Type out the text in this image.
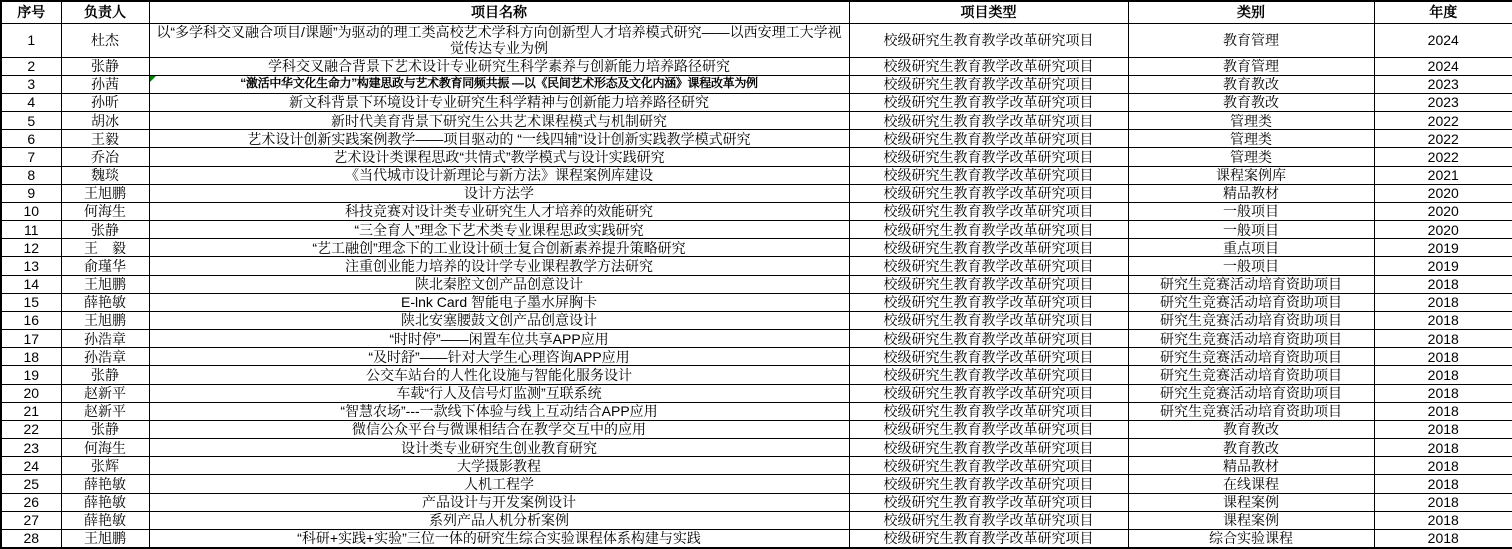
序号	负责人	项目名称	项目类型	类别	年度
1	杜杰	以“多学科交叉融合项目/课题”为驱动的理工类高校艺术学科方向创新型人才培养模式研究——以西安理工大学视觉传达专业为例	校级研究生教育教学改革研究项目	教育管理	2024
2	张静	学科交叉融合背景下艺术设计专业研究生科学素养与创新能力培养路径研究	校级研究生教育教学改革研究项目	教育管理	2024
3	孙茜	“激活中华文化生命力”构建思政与艺术教育同频共振 —以《民间艺术形态及文化内涵》课程改革为例	校级研究生教育教学改革研究项目	教育教改	2023
4	孙昕	新文科背景下环境设计专业研究生科学精神与创新能力培养路径研究	校级研究生教育教学改革研究项目	教育教改	2023
5	胡冰	新时代美育背景下研究生公共艺术课程模式与机制研究	校级研究生教育教学改革研究项目	管理类	2022
6	王毅	艺术设计创新实践案例教学——项目驱动的 “一线四辅”设计创新实践教学模式研究	校级研究生教育教学改革研究项目	管理类	2022
7	乔冶	艺术设计类课程思政“共情式”教学模式与设计实践研究	校级研究生教育教学改革研究项目	管理类	2022
8	魏琰	《当代城市设计新理论与新方法》课程案例库建设	校级研究生教育教学改革研究项目	课程案例库	2021
9	王旭鹏	设计方法学	校级研究生教育教学改革研究项目	精品教材	2020
10	何海生	科技竞赛对设计类专业研究生人才培养的效能研究	校级研究生教育教学改革研究项目	一般项目	2020
11	张静	“三全育人”理念下艺术类专业课程思政实践研究	校级研究生教育教学改革研究项目	一般项目	2020
12	王　毅	“艺工融创”理念下的工业设计硕士复合创新素养提升策略研究	校级研究生教育教学改革研究项目	重点项目	2019
13	俞瑾华	注重创业能力培养的设计学专业课程教学方法研究	校级研究生教育教学改革研究项目	一般项目	2019
14	王旭鹏	陕北秦腔文创产品创意设计	校级研究生教育教学改革研究项目	研究生竞赛活动培育资助项目	2018
15	薛艳敏	E-lnk Card 智能电子墨水屏胸卡	校级研究生教育教学改革研究项目	研究生竞赛活动培育资助项目	2018
16	王旭鹏	陕北安塞腰鼓文创产品创意设计	校级研究生教育教学改革研究项目	研究生竞赛活动培育资助项目	2018
17	孙浩章	“时时停”——闲置车位共享APP应用	校级研究生教育教学改革研究项目	研究生竞赛活动培育资助项目	2018
18	孙浩章	“及时舒”——针对大学生心理咨询APP应用	校级研究生教育教学改革研究项目	研究生竞赛活动培育资助项目	2018
19	张静	公交车站台的人性化设施与智能化服务设计	校级研究生教育教学改革研究项目	研究生竞赛活动培育资助项目	2018
20	赵新平	车载“行人及信号灯监测”互联系统	校级研究生教育教学改革研究项目	研究生竞赛活动培育资助项目	2018
21	赵新平	“智慧农场”---一款线下体验与线上互动结合APP应用	校级研究生教育教学改革研究项目	研究生竞赛活动培育资助项目	2018
22	张静	微信公众平台与微课相结合在教学交互中的应用	校级研究生教育教学改革研究项目	教育教改	2018
23	何海生	设计类专业研究生创业教育研究	校级研究生教育教学改革研究项目	教育教改	2018
24	张辉	大学摄影教程	校级研究生教育教学改革研究项目	精品教材	2018
25	薛艳敏	人机工程学	校级研究生教育教学改革研究项目	在线课程	2018
26	薛艳敏	产品设计与开发案例设计	校级研究生教育教学改革研究项目	课程案例	2018
27	薛艳敏	系列产品人机分析案例	校级研究生教育教学改革研究项目	课程案例	2018
28	王旭鹏	“科研+实践+实验”三位一体的研究生综合实验课程体系构建与实践	校级研究生教育教学改革研究项目	综合实验课程	2018
